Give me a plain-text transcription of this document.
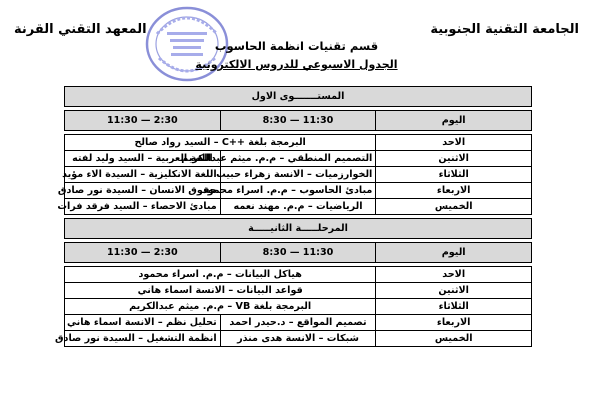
الجامعة التقنية الجنوبية
المعهد التقني القرنة
قسم تقنيات انظمة الحاسوب
الجدول الاسبوعي للدروس الالكترونية
المستـــــــوى الاول		

اليوم	8:30 — 11:30	11:30 — 2:30

الاحد	البرمجة بلغة ++C – السيد رواد صالح	
الاثنين	التصميم المنطقي – م.م. ميثم عبدالكريم	اللغة العربية – السيد وليد لفته
الثلاثاء	الخوارزميات – الانسة زهراء حبيب	اللغة الانكليزية – السيدة الاء مؤيد
الاربعاء	مبادئ الحاسوب – م.م. اسراء محمود	حقوق الانسان – السيدة نور صادق
الخميس	الرياضيات – م.م. مهند نعمه	مبادئ الاحصاء – السيد فرقد فرات

المرحلـــــة الثانيـــــة		

اليوم	8:30 — 11:30	11:30 — 2:30

الاحد	هياكل البيانات – م.م. اسراء محمود	
الاثنين	قواعد البيانات – الانسة اسماء هاني	
الثلاثاء	البرمجة بلغة VB – م.م. ميثم عبدالكريم	
الاربعاء	تصميم المواقع – د.حيدر احمد	تحليل نظم – الانسة اسماء هاني
الخميس	شبكات – الانسة هدى منذر	انظمة التشغيل – السيدة نور صادق
